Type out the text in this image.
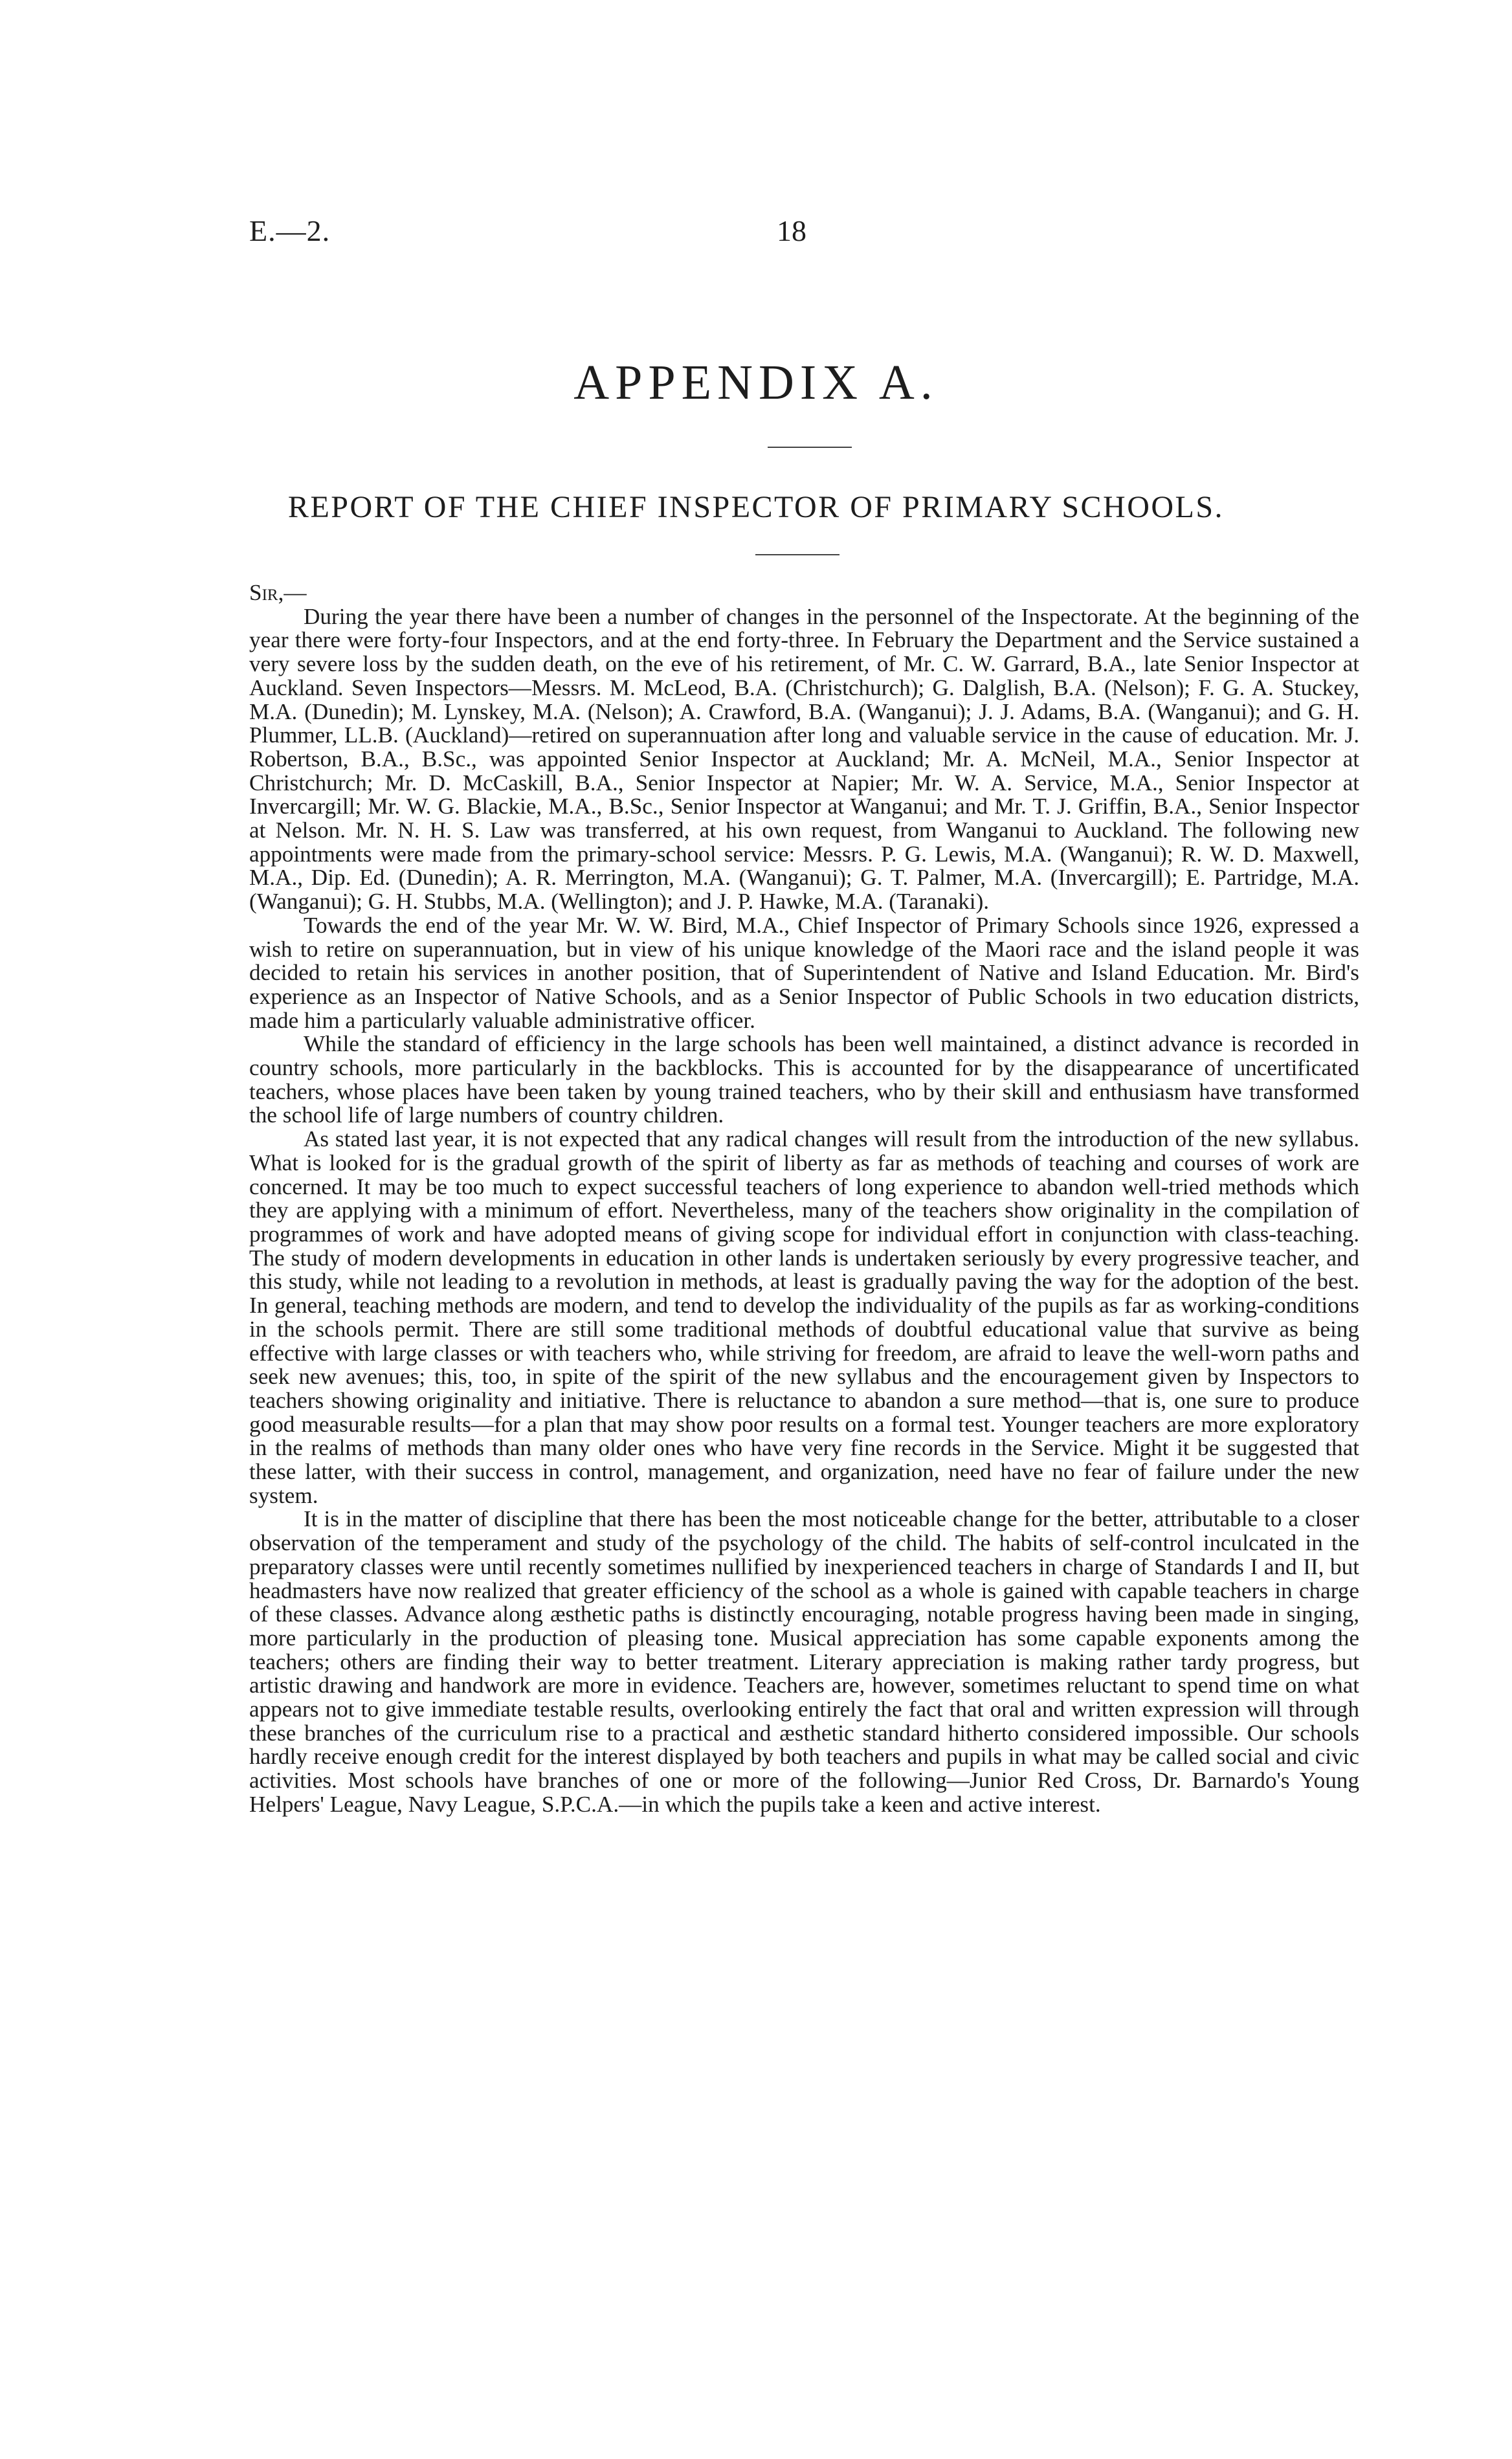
E.—2.	18
APPENDIX A.
REPORT OF THE CHIEF INSPECTOR OF PRIMARY SCHOOLS.

Sir,—

During the year there have been a number of changes in the personnel of the Inspectorate. At the beginning of the year there were forty-four Inspectors, and at the end forty-three. In February the Department and the Service sustained a very severe loss by the sudden death, on the eve of his retirement, of Mr. C. W. Garrard, B.A., late Senior Inspector at Auckland. Seven Inspectors—Messrs. M. McLeod, B.A. (Christchurch); G. Dalglish, B.A. (Nelson); F. G. A. Stuckey, M.A. (Dunedin); M. Lynskey, M.A. (Nelson); A. Crawford, B.A. (Wanganui); J. J. Adams, B.A. (Wanganui); and G. H. Plummer, LL.B. (Auckland)—retired on superannuation after long and valuable service in the cause of education. Mr. J. Robertson, B.A., B.Sc., was appointed Senior Inspector at Auckland; Mr. A. McNeil, M.A., Senior Inspector at Christchurch; Mr. D. McCaskill, B.A., Senior Inspector at Napier; Mr. W. A. Service, M.A., Senior Inspector at Invercargill; Mr. W. G. Blackie, M.A., B.Sc., Senior Inspector at Wanganui; and Mr. T. J. Griffin, B.A., Senior Inspector at Nelson. Mr. N. H. S. Law was transferred, at his own request, from Wanganui to Auckland. The following new appointments were made from the primary-school service: Messrs. P. G. Lewis, M.A. (Wanganui); R. W. D. Maxwell, M.A., Dip. Ed. (Dunedin); A. R. Merrington, M.A. (Wanganui); G. T. Palmer, M.A. (Invercargill); E. Partridge, M.A. (Wanganui); G. H. Stubbs, M.A. (Wellington); and J. P. Hawke, M.A. (Taranaki).

Towards the end of the year Mr. W. W. Bird, M.A., Chief Inspector of Primary Schools since 1926, expressed a wish to retire on superannuation, but in view of his unique knowledge of the Maori race and the island people it was decided to retain his services in another position, that of Superintendent of Native and Island Education. Mr. Bird's experience as an Inspector of Native Schools, and as a Senior Inspector of Public Schools in two education districts, made him a particularly valuable administrative officer.

While the standard of efficiency in the large schools has been well maintained, a distinct advance is recorded in country schools, more particularly in the backblocks. This is accounted for by the disappearance of uncertificated teachers, whose places have been taken by young trained teachers, who by their skill and enthusiasm have transformed the school life of large numbers of country children.

As stated last year, it is not expected that any radical changes will result from the introduction of the new syllabus. What is looked for is the gradual growth of the spirit of liberty as far as methods of teaching and courses of work are concerned. It may be too much to expect successful teachers of long experience to abandon well-tried methods which they are applying with a minimum of effort. Nevertheless, many of the teachers show originality in the compilation of programmes of work and have adopted means of giving scope for individual effort in conjunction with class-teaching. The study of modern developments in education in other lands is undertaken seriously by every progressive teacher, and this study, while not leading to a revolution in methods, at least is gradually paving the way for the adoption of the best. In general, teaching methods are modern, and tend to develop the individuality of the pupils as far as working-conditions in the schools permit. There are still some traditional methods of doubtful educational value that survive as being effective with large classes or with teachers who, while striving for freedom, are afraid to leave the well-worn paths and seek new avenues; this, too, in spite of the spirit of the new syllabus and the encouragement given by Inspectors to teachers showing originality and initiative. There is reluctance to abandon a sure method—that is, one sure to produce good measurable results—for a plan that may show poor results on a formal test. Younger teachers are more exploratory in the realms of methods than many older ones who have very fine records in the Service. Might it be suggested that these latter, with their success in control, management, and organization, need have no fear of failure under the new system.

It is in the matter of discipline that there has been the most noticeable change for the better, attributable to a closer observation of the temperament and study of the psychology of the child. The habits of self-control inculcated in the preparatory classes were until recently sometimes nullified by inexperienced teachers in charge of Standards I and II, but headmasters have now realized that greater efficiency of the school as a whole is gained with capable teachers in charge of these classes. Advance along æsthetic paths is distinctly encouraging, notable progress having been made in singing, more particularly in the production of pleasing tone. Musical appreciation has some capable exponents among the teachers; others are finding their way to better treatment. Literary appreciation is making rather tardy progress, but artistic drawing and handwork are more in evidence. Teachers are, however, sometimes reluctant to spend time on what appears not to give immediate testable results, overlooking entirely the fact that oral and written expression will through these branches of the curriculum rise to a practical and æsthetic standard hitherto considered impossible. Our schools hardly receive enough credit for the interest displayed by both teachers and pupils in what may be called social and civic activities. Most schools have branches of one or more of the following—Junior Red Cross, Dr. Barnardo's Young Helpers' League, Navy League, S.P.C.A.—in which the pupils take a keen and active interest.
